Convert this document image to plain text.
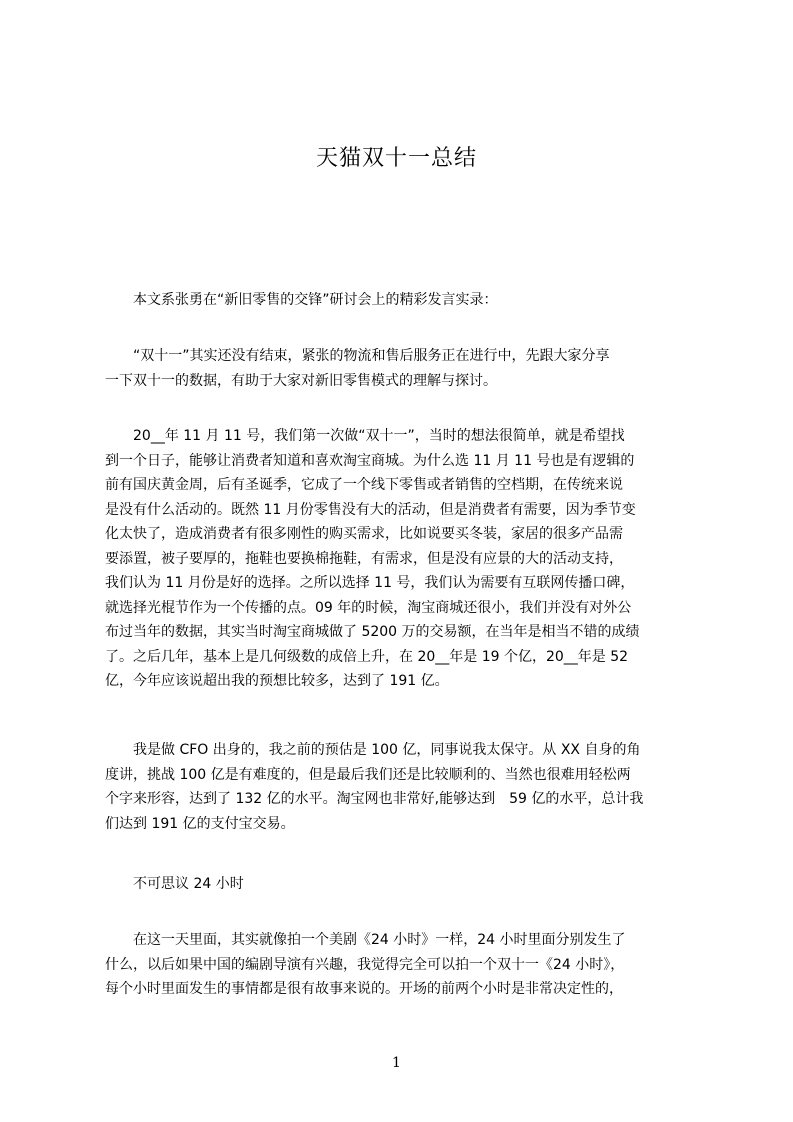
天猫双十一总结
　　本文系张勇在“新旧零售的交锋”研讨会上的精彩发言实录：
　　“双十一”其实还没有结束，紧张的物流和售后服务正在进行中，先跟大家分享
一下双十一的数据，有助于大家对新旧零售模式的理解与探讨。
　　20__年 11 月 11 号，我们第一次做“双十一”，当时的想法很简单，就是希望找
到一个日子，能够让消费者知道和喜欢淘宝商城。为什么选 11 月 11 号也是有逻辑的
前有国庆黄金周，后有圣诞季，它成了一个线下零售或者销售的空档期，在传统来说
是没有什么活动的。既然 11 月份零售没有大的活动，但是消费者有需要，因为季节变
化太快了，造成消费者有很多刚性的购买需求，比如说要买冬装，家居的很多产品需
要添置，被子要厚的，拖鞋也要换棉拖鞋，有需求，但是没有应景的大的活动支持，
我们认为 11 月份是好的选择。之所以选择 11 号，我们认为需要有互联网传播口碑，
就选择光棍节作为一个传播的点。09 年的时候，淘宝商城还很小，我们并没有对外公
布过当年的数据，其实当时淘宝商城做了 5200 万的交易额，在当年是相当不错的成绩
了。之后几年，基本上是几何级数的成倍上升，在 20__年是 19 个亿，20__年是 52
亿，今年应该说超出我的预想比较多，达到了 191 亿。
　　我是做 CFO 出身的，我之前的预估是 100 亿，同事说我太保守。从 XX 自身的角
度讲，挑战 100 亿是有难度的，但是最后我们还是比较顺利的、当然也很难用轻松两
个字来形容，达到了 132 亿的水平。淘宝网也非常好,能够达到　59 亿的水平，总计我
们达到 191 亿的支付宝交易。
　　不可思议 24 小时
　　在这一天里面，其实就像拍一个美剧《24 小时》一样，24 小时里面分别发生了
什么，以后如果中国的编剧导演有兴趣，我觉得完全可以拍一个双十一《24 小时》，
每个小时里面发生的事情都是很有故事来说的。开场的前两个小时是非常决定性的，
1
